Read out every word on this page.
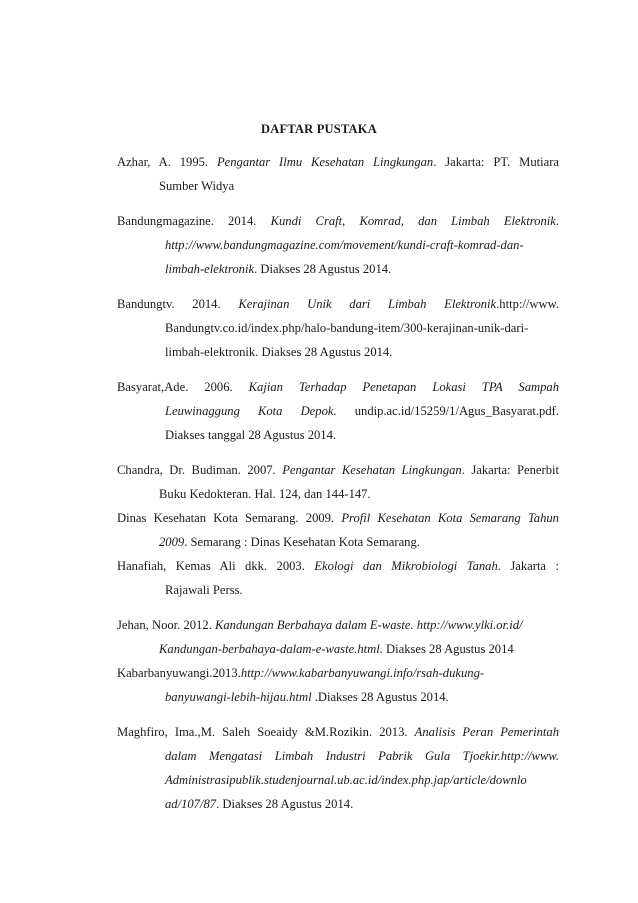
DAFTAR PUSTAKA
Azhar, A. 1995. Pengantar Ilmu Kesehatan Lingkungan. Jakarta: PT. Mutiara
Sumber Widya
Bandungmagazine. 2014. Kundi Craft, Komrad, dan Limbah Elektronik.
http://www.bandungmagazine.com/movement/kundi-craft-komrad-dan-
limbah-elektronik. Diakses 28 Agustus 2014.
Bandungtv. 2014. Kerajinan Unik dari Limbah Elektronik.http://www.
Bandungtv.co.id/index.php/halo-bandung-item/300-kerajinan-unik-dari-
limbah-elektronik. Diakses 28 Agustus 2014.
Basyarat,Ade. 2006. Kajian Terhadap Penetapan Lokasi TPA Sampah
Leuwinaggung Kota Depok. undip.ac.id/15259/1/Agus_Basyarat.pdf.
Diakses tanggal 28 Agustus 2014.
Chandra, Dr. Budiman. 2007. Pengantar Kesehatan Lingkungan. Jakarta: Penerbit
Buku Kedokteran. Hal. 124, dan 144-147.
Dinas Kesehatan Kota Semarang. 2009. Profil Kesehatan Kota Semarang Tahun
2009. Semarang : Dinas Kesehatan Kota Semarang.
Hanafiah, Kemas Ali dkk. 2003. Ekologi dan Mikrobiologi Tanah. Jakarta :
Rajawali Perss.
Jehan, Noor. 2012. Kandungan Berbahaya dalam E-waste. http://www.ylki.or.id/
Kandungan-berbahaya-dalam-e-waste.html. Diakses 28 Agustus 2014
Kabarbanyuwangi.2013.http://www.kabarbanyuwangi.info/rsah-dukung-
banyuwangi-lebih-hijau.html .Diakses 28 Agustus 2014.
Maghfiro, Ima.,M. Saleh Soeaidy &M.Rozikin. 2013. Analisis Peran Pemerintah
dalam Mengatasi Limbah Industri Pabrik Gula Tjoekir.http://www.
Administrasipublik.studenjournal.ub.ac.id/index.php.jap/article/downlo
ad/107/87. Diakses 28 Agustus 2014.
